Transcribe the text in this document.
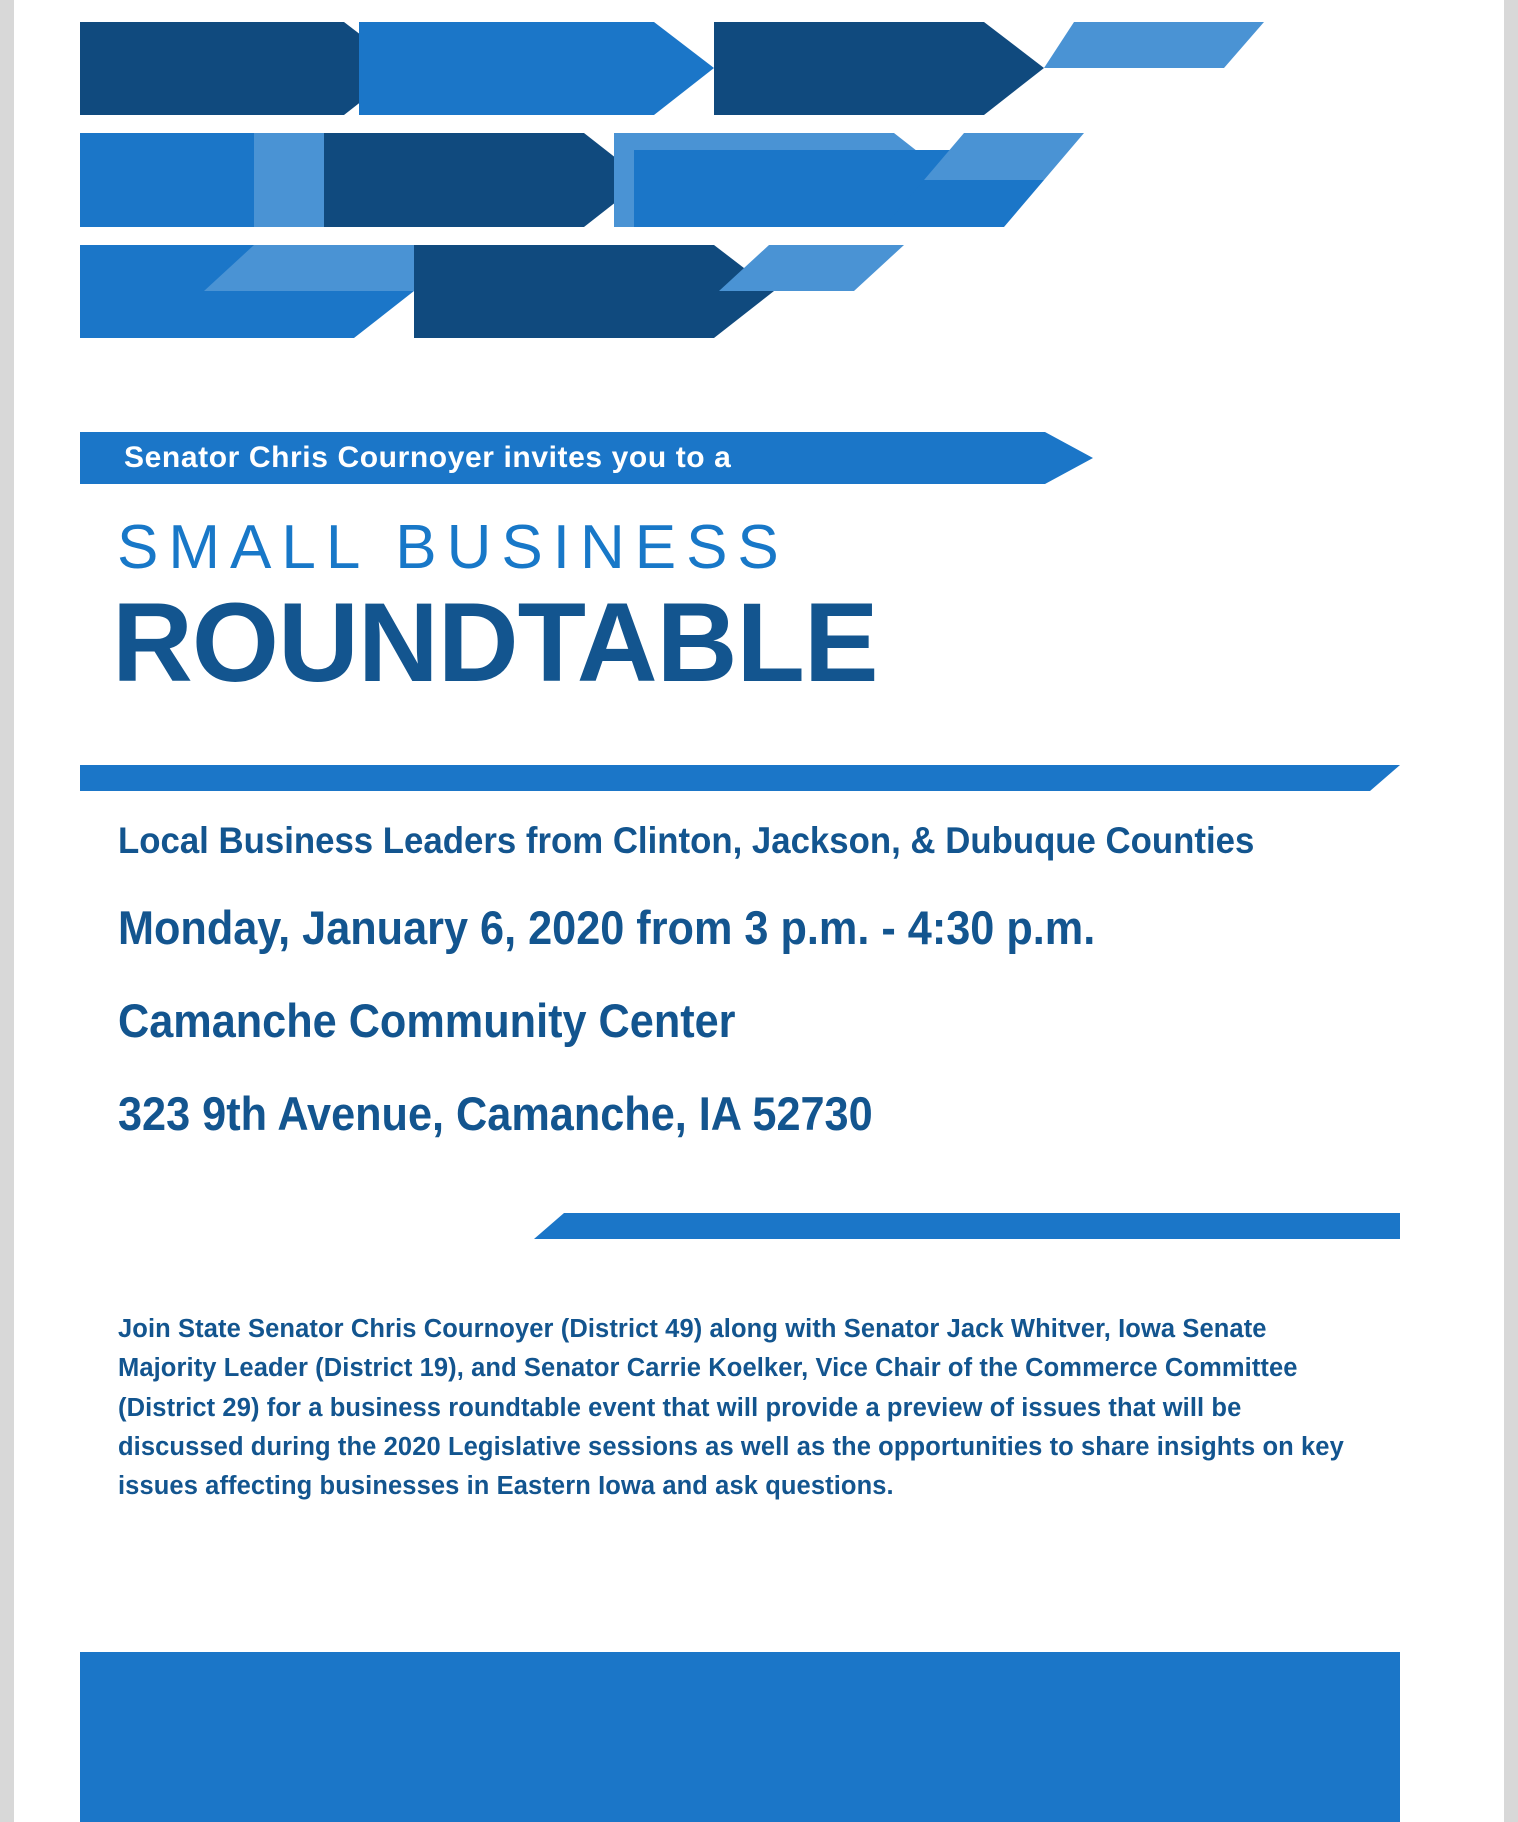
Senator Chris Cournoyer invites you to a
SMALL BUSINESS
ROUNDTABLE
Local Business Leaders from Clinton, Jackson, & Dubuque Counties
Monday, January 6, 2020 from 3 p.m. - 4:30 p.m.
Camanche Community Center
323 9th Avenue, Camanche, IA 52730
Join State Senator Chris Cournoyer (District 49) along with Senator Jack Whitver, Iowa Senate Majority Leader (District 19), and Senator Carrie Koelker, Vice Chair of the Commerce Committee (District 29) for a business roundtable event that will provide a preview of issues that will be discussed during the 2020 Legislative sessions as well as the opportunities to share insights on key issues affecting businesses in Eastern Iowa and ask questions.
